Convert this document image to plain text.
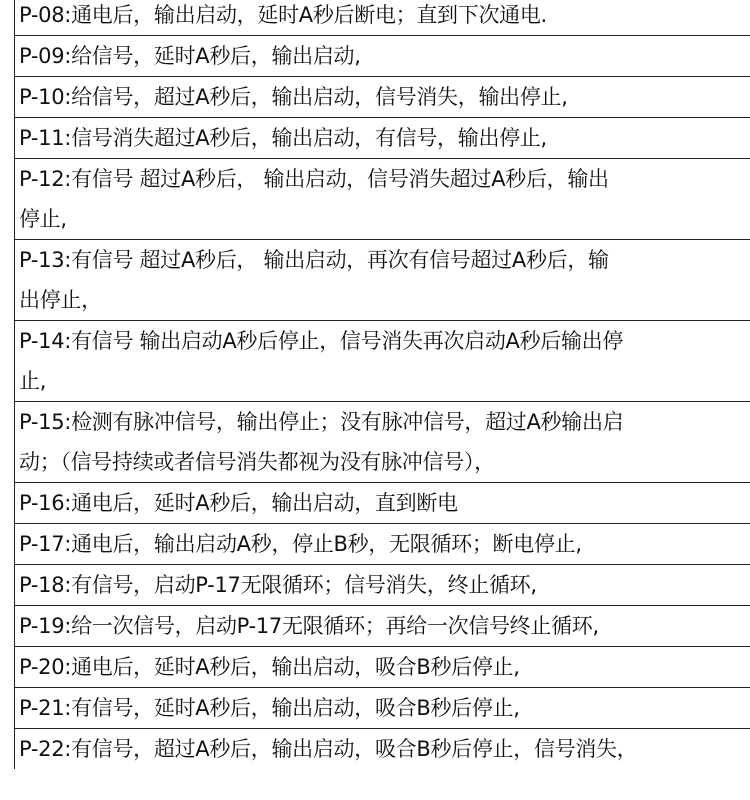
P-08:通电后，输出启动，延时A秒后断电；直到下次通电.
P-09:给信号，延时A秒后，输出启动,
P-10:给信号，超过A秒后，输出启动，信号消失，输出停止,
P-11:信号消失超过A秒后，输出启动，有信号，输出停止,
P-12:有信号 超过A秒后， 输出启动，信号消失超过A秒后，输出
停止,
P-13:有信号 超过A秒后， 输出启动，再次有信号超过A秒后，输
出停止，
P-14:有信号 输出启动A秒后停止，信号消失再次启动A秒后输出停
止,
P-15:检测有脉冲信号，输出停止；没有脉冲信号，超过A秒输出启
动；（信号持续或者信号消失都视为没有脉冲信号），
P-16:通电后，延时A秒后，输出启动，直到断电
P-17:通电后，输出启动A秒，停止B秒，无限循环；断电停止,
P-18:有信号，启动P-17无限循环；信号消失，终止循环,
P-19:给一次信号，启动P-17无限循环；再给一次信号终止循环,
P-20:通电后，延时A秒后，输出启动，吸合B秒后停止,
P-21:有信号，延时A秒后，输出启动，吸合B秒后停止,
P-22:有信号，超过A秒后，输出启动，吸合B秒后停止，信号消失，
